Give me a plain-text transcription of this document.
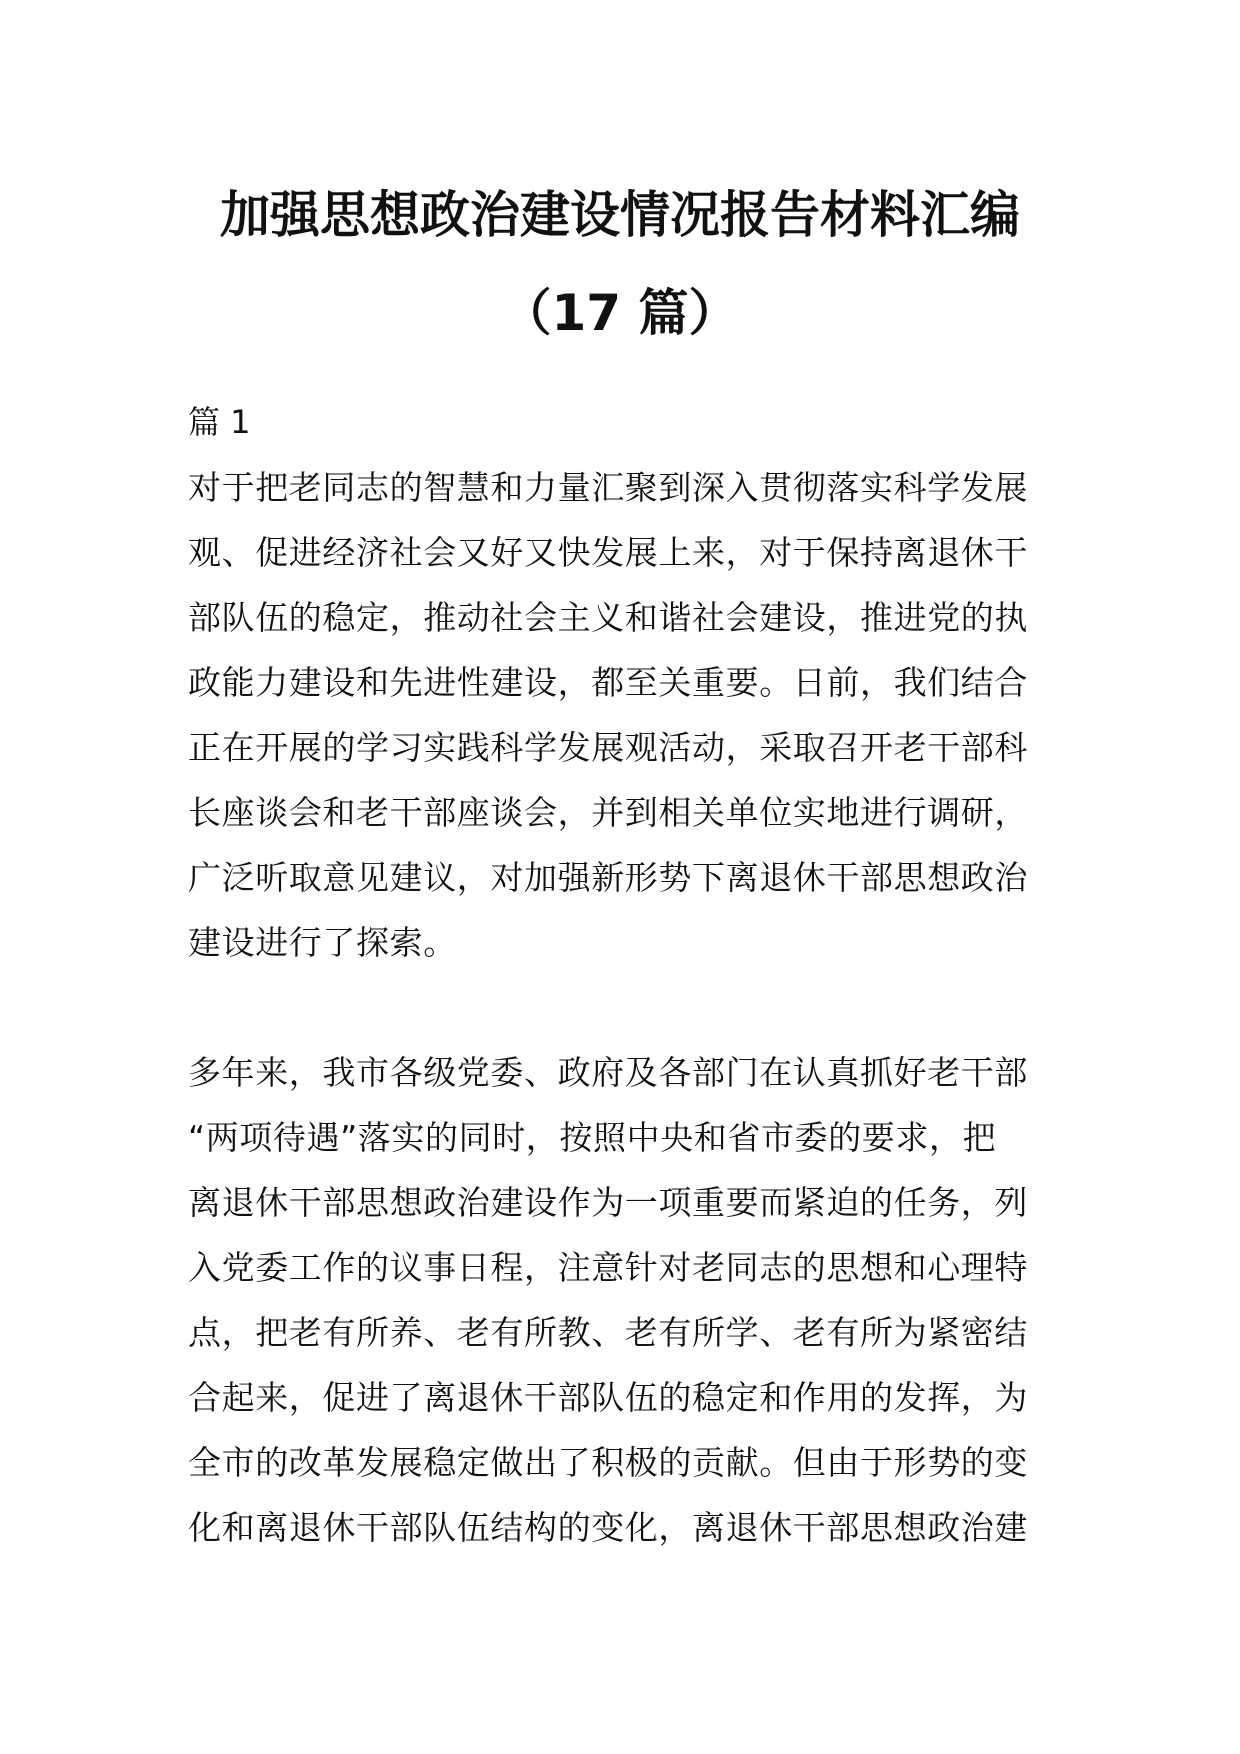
加强思想政治建设情况报告材料汇编
（17 篇）
篇 1
对于把老同志的智慧和力量汇聚到深入贯彻落实科学发展
观、促进经济社会又好又快发展上来，对于保持离退休干
部队伍的稳定，推动社会主义和谐社会建设，推进党的执
政能力建设和先进性建设，都至关重要。日前，我们结合
正在开展的学习实践科学发展观活动，采取召开老干部科
长座谈会和老干部座谈会，并到相关单位实地进行调研，
广泛听取意见建议，对加强新形势下离退休干部思想政治
建设进行了探索。
多年来，我市各级党委、政府及各部门在认真抓好老干部
“两项待遇”落实的同时，按照中央和省市委的要求，把
离退休干部思想政治建设作为一项重要而紧迫的任务，列
入党委工作的议事日程，注意针对老同志的思想和心理特
点，把老有所养、老有所教、老有所学、老有所为紧密结
合起来，促进了离退休干部队伍的稳定和作用的发挥，为
全市的改革发展稳定做出了积极的贡献。但由于形势的变
化和离退休干部队伍结构的变化，离退休干部思想政治建
